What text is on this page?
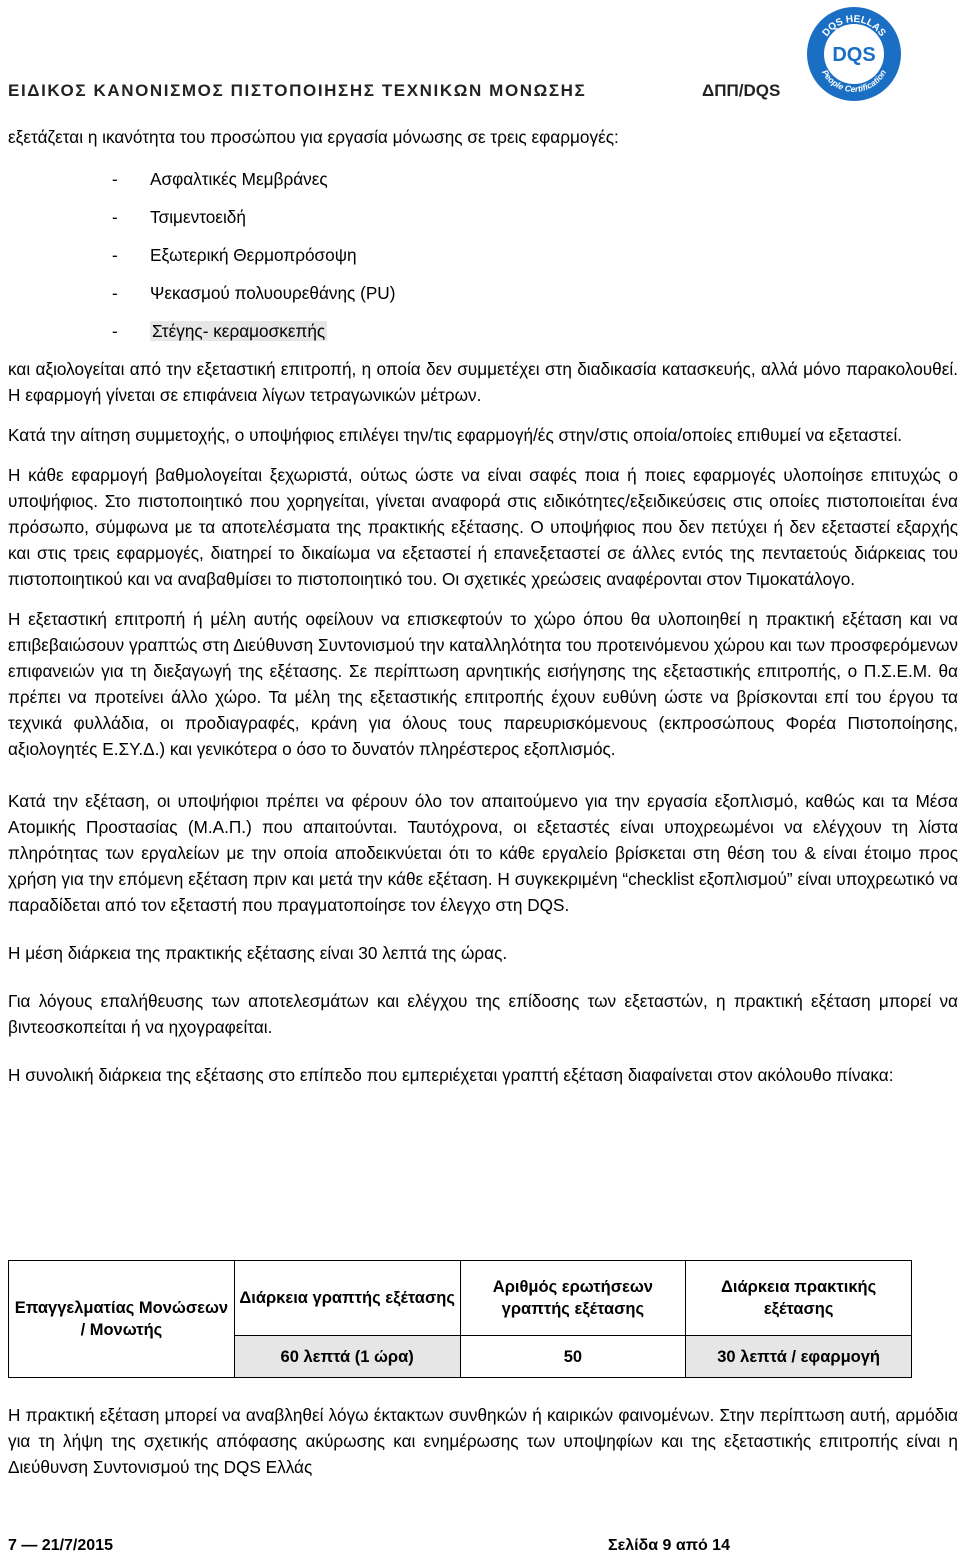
ΕΙΔΙΚΟΣ ΚΑΝΟΝΙΣΜΟΣ ΠΙΣΤΟΠΟΙΗΣΗΣ ΤΕΧΝΙΚΩΝ ΜΟΝΩΣΗΣ	ΔΠΠ/DQS
DQS HELLAS
DQS
People Certification

εξετάζεται η ικανότητα του προσώπου για εργασία μόνωσης σε τρεις εφαρμογές:

- Ασφαλτικές Μεμβράνες
- Τσιμεντοειδή
- Εξωτερική Θερμοπρόσοψη
- Ψεκασμού πολυουρεθάνης (PU)
- Στέγης- κεραμοσκεπής

και αξιολογείται από την εξεταστική επιτροπή, η οποία δεν συμμετέχει στη διαδικασία κατασκευής, αλλά μόνο παρακολουθεί. Η εφαρμογή γίνεται σε επιφάνεια λίγων τετραγωνικών μέτρων.

Κατά την αίτηση συμμετοχής, ο υποψήφιος επιλέγει την/τις εφαρμογή/ές στην/στις οποία/οποίες επιθυμεί να εξεταστεί.

Η κάθε εφαρμογή βαθμολογείται ξεχωριστά, ούτως ώστε να είναι σαφές ποια ή ποιες εφαρμογές υλοποίησε επιτυχώς ο υποψήφιος. Στο πιστοποιητικό που χορηγείται, γίνεται αναφορά στις ειδικότητες/εξειδικεύσεις στις οποίες πιστοποιείται ένα πρόσωπο, σύμφωνα με τα αποτελέσματα της πρακτικής εξέτασης. Ο υποψήφιος που δεν πετύχει ή δεν εξεταστεί εξαρχής και στις τρεις εφαρμογές, διατηρεί το δικαίωμα να εξεταστεί ή επανεξεταστεί σε άλλες εντός της πενταετούς διάρκειας του πιστοποιητικού και να αναβαθμίσει το πιστοποιητικό του. Οι σχετικές χρεώσεις αναφέρονται στον Τιμοκατάλογο.

Η εξεταστική επιτροπή ή μέλη αυτής οφείλουν να επισκεφτούν το χώρο όπου θα υλοποιηθεί η πρακτική εξέταση και να επιβεβαιώσουν γραπτώς στη Διεύθυνση Συντονισμού την καταλληλότητα του προτεινόμενου χώρου και των προσφερόμενων επιφανειών για τη διεξαγωγή της εξέτασης. Σε περίπτωση αρνητικής εισήγησης της εξεταστικής επιτροπής, ο Π.Σ.Ε.Μ. θα πρέπει να προτείνει άλλο χώρο. Τα μέλη της εξεταστικής επιτροπής έχουν ευθύνη ώστε να βρίσκονται επί του έργου τα τεχνικά φυλλάδια, οι προδιαγραφές, κράνη για όλους τους παρευρισκόμενους (εκπροσώπους Φορέα Πιστοποίησης, αξιολογητές Ε.ΣΥ.Δ.) και γενικότερα ο όσο το δυνατόν πληρέστερος εξοπλισμός.

Κατά την εξέταση, οι υποψήφιοι πρέπει να φέρουν όλο τον απαιτούμενο για την εργασία εξοπλισμό, καθώς και τα Μέσα Ατομικής Προστασίας (Μ.Α.Π.) που απαιτούνται. Ταυτόχρονα, οι εξεταστές είναι υποχρεωμένοι να ελέγχουν τη λίστα πληρότητας των εργαλείων με την οποία αποδεικνύεται ότι το κάθε εργαλείο βρίσκεται στη θέση του & είναι έτοιμο προς χρήση για την επόμενη εξέταση πριν και μετά την κάθε εξέταση. Η συγκεκριμένη “checklist εξοπλισμού” είναι υποχρεωτικό να παραδίδεται από τον εξεταστή που πραγματοποίησε τον έλεγχο στη DQS.

Η μέση διάρκεια της πρακτικής εξέτασης είναι 30 λεπτά της ώρας.

Για λόγους επαλήθευσης των αποτελεσμάτων και ελέγχου της επίδοσης των εξεταστών, η πρακτική εξέταση μπορεί να βιντεοσκοπείται ή να ηχογραφείται.

Η συνολική διάρκεια της εξέτασης στο επίπεδο που εμπεριέχεται γραπτή εξέταση διαφαίνεται στον ακόλουθο πίνακα:

Επαγγελματίας Μονώσεων / Μονωτής	Διάρκεια γραπτής εξέτασης	Αριθμός ερωτήσεων γραπτής εξέτασης	Διάρκεια πρακτικής εξέτασης
	60 λεπτά (1 ώρα)	50	30 λεπτά / εφαρμογή

Η πρακτική εξέταση μπορεί να αναβληθεί λόγω έκτακτων συνθηκών ή καιρικών φαινομένων. Στην περίπτωση αυτή, αρμόδια για τη λήψη της σχετικής απόφασης ακύρωσης και ενημέρωσης των υποψηφίων και της εξεταστικής επιτροπής είναι η Διεύθυνση Συντονισμού της DQS Ελλάς

7 — 21/7/2015	Σελίδα 9 από 14
